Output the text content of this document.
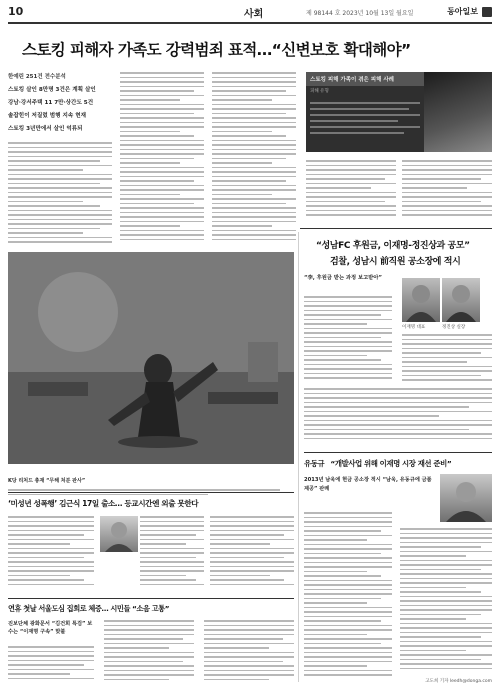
10	사회	제 98144 호 2023년 10월 13일 월요일	동아일보
스토킹 피해자 가족도 강력범죄 표적…“신변보호 확대해야”
한예린 251건 전수분석
스토킹 살인 8만명 3건은 계획 살인
강남·강서주택 11 7만·상간도 5건
솔잡힌이 저질렀 범행 지속 현재
스토킹 3년만에서 살인 억류되
스토킹 피해 가족이 겪은 피해 사례
피해 유형
K당 리처드 총재 “무해 처분 판사”
“성남FC 후원금, 이재명-정진상과 공모”
검찰, 성남시 前직원 공소장에 적시
“李, 후원금 받는 과정 보고받아”
이재명 대표	정진상 실장
‘미성년 성폭행’ 김근식 17일 출소… 등교시간엔 외출 못한다
연휴 첫날 서울도심 집회로 체증… 시민들 “소음 고통”
진보단체 광화문서 “김건희 특검” 보수는 “이재명 구속” 맞불
유동규 “개발사업 위해 이재명 시장 재선 준비”
2013년 남욱에 현금 공소장 적시 “남욱, 유동규에 금품 제공” 판례
고도희 기자 leedh@donga.com
